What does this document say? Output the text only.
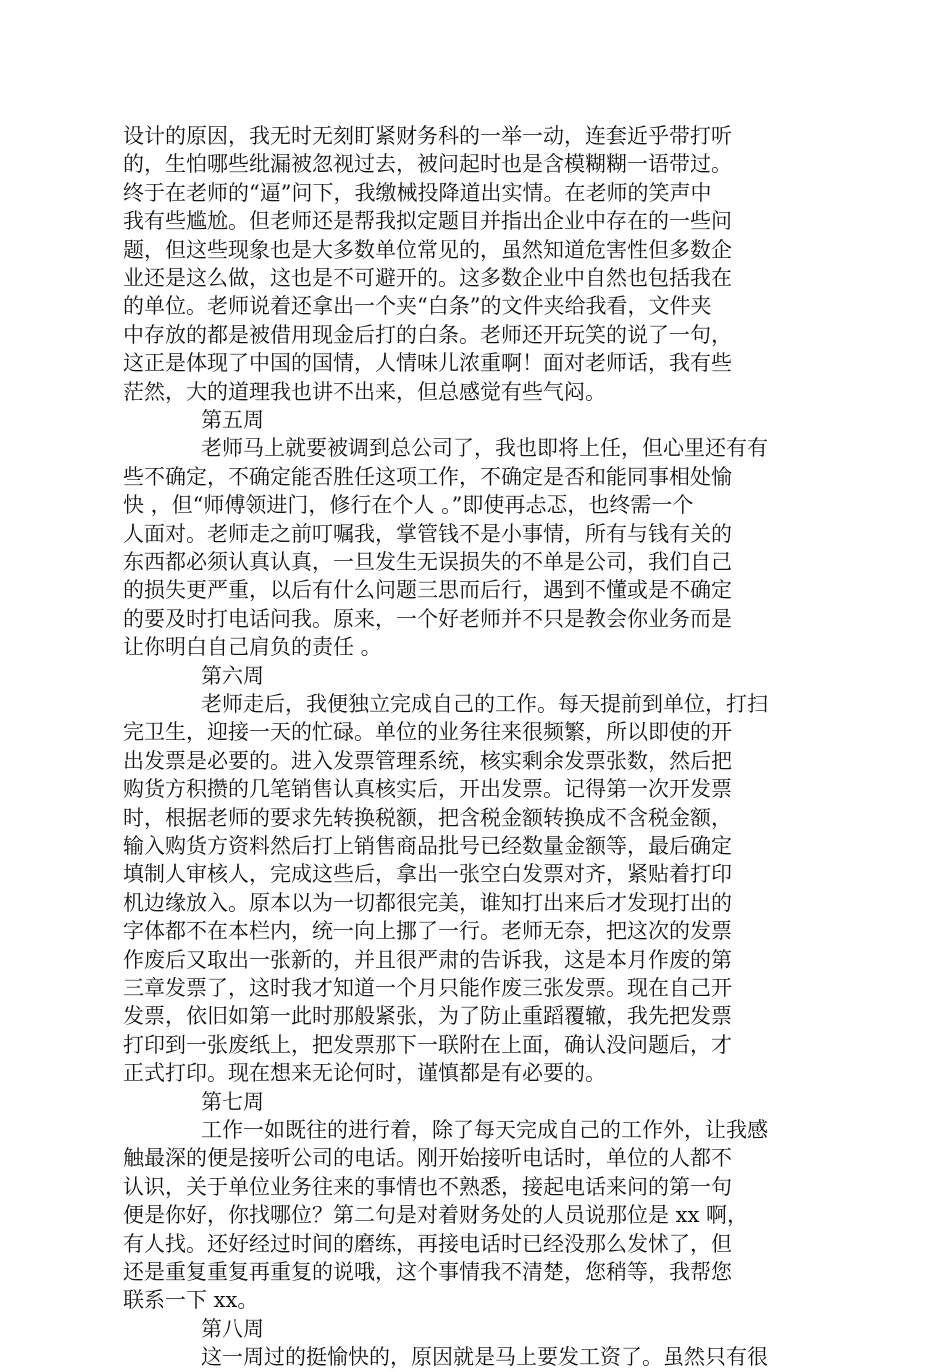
设计的原因，我无时无刻盯紧财务科的一举一动，连套近乎带打听
的，生怕哪些纰漏被忽视过去，被问起时也是含模糊糊一语带过。
终于在老师的“逼”问下，我缴械投降道出实情。在老师的笑声中
我有些尴尬。但老师还是帮我拟定题目并指出企业中存在的一些问
题，但这些现象也是大多数单位常见的，虽然知道危害性但多数企
业还是这么做，这也是不可避开的。这多数企业中自然也包括我在
的单位。老师说着还拿出一个夹“白条”的文件夹给我看，文件夹
中存放的都是被借用现金后打的白条。老师还开玩笑的说了一句，
这正是体现了中国的国情，人情味儿浓重啊！面对老师话，我有些
茫然，大的道理我也讲不出来，但总感觉有些气闷。
第五周
老师马上就要被调到总公司了，我也即将上任，但心里还有有
些不确定，不确定能否胜任这项工作，不确定是否和能同事相处愉
快 ，但“师傅领进门，修行在个人 。”即使再忐忑，也终需一个
人面对。老师走之前叮嘱我，掌管钱不是小事情，所有与钱有关的
东西都必须认真认真，一旦发生无误损失的不单是公司，我们自己
的损失更严重，以后有什么问题三思而后行，遇到不懂或是不确定
的要及时打电话问我。原来，一个好老师并不只是教会你业务而是
让你明白自己肩负的责任 。
第六周
老师走后，我便独立完成自己的工作。每天提前到单位，打扫
完卫生，迎接一天的忙碌。单位的业务往来很频繁，所以即使的开
出发票是必要的。进入发票管理系统，核实剩余发票张数，然后把
购货方积攒的几笔销售认真核实后，开出发票。记得第一次开发票
时，根据老师的要求先转换税额，把含税金额转换成不含税金额，
输入购货方资料然后打上销售商品批号已经数量金额等，最后确定
填制人审核人，完成这些后，拿出一张空白发票对齐，紧贴着打印
机边缘放入。原本以为一切都很完美，谁知打出来后才发现打出的
字体都不在本栏内，统一向上挪了一行。老师无奈，把这次的发票
作废后又取出一张新的，并且很严肃的告诉我，这是本月作废的第
三章发票了，这时我才知道一个月只能作废三张发票。现在自己开
发票，依旧如第一此时那般紧张，为了防止重蹈覆辙，我先把发票
打印到一张废纸上，把发票那下一联附在上面，确认没问题后，才
正式打印。现在想来无论何时，谨慎都是有必要的。
第七周
工作一如既往的进行着，除了每天完成自己的工作外，让我感
触最深的便是接听公司的电话。刚开始接听电话时，单位的人都不
认识，关于单位业务往来的事情也不熟悉，接起电话来问的第一句
便是你好，你找哪位？第二句是对着财务处的人员说那位是 xx 啊，
有人找。还好经过时间的磨练，再接电话时已经没那么发怵了，但
还是重复重复再重复的说哦，这个事情我不清楚，您稍等，我帮您
联系一下 xx。
第八周
这一周过的挺愉快的，原因就是马上要发工资了。虽然只有很
